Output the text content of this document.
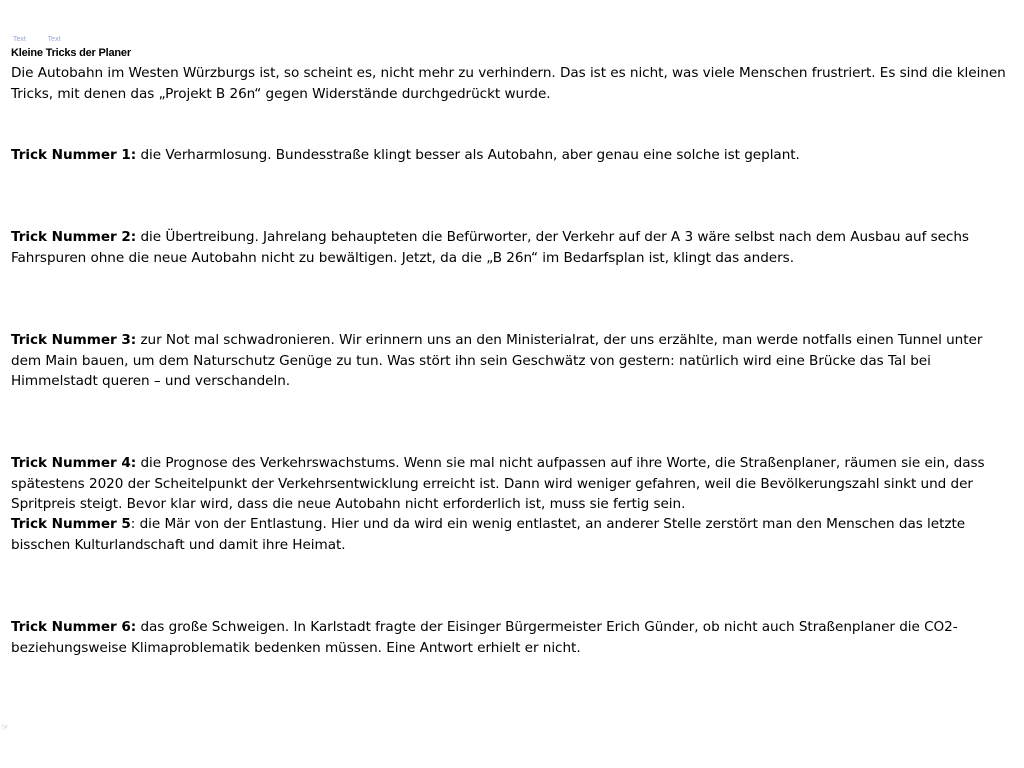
Text	Text
Kleine Tricks der Planer

Die Autobahn im Westen Würzburgs ist, so scheint es, nicht mehr zu verhindern. Das ist es nicht, was viele Menschen frustriert. Es sind die kleinen Tricks, mit denen das „Projekt B 26n“ gegen Widerstände durchgedrückt wurde.

Trick Nummer 1: die Verharmlosung. Bundesstraße klingt besser als Autobahn, aber genau eine solche ist geplant.

Trick Nummer 2: die Übertreibung. Jahrelang behaupteten die Befürworter, der Verkehr auf der A 3 wäre selbst nach dem Ausbau auf sechs Fahrspuren ohne die neue Autobahn nicht zu bewältigen. Jetzt, da die „B 26n“ im Bedarfsplan ist, klingt das anders.

Trick Nummer 3: zur Not mal schwadronieren. Wir erinnern uns an den Ministerialrat, der uns erzählte, man werde notfalls einen Tunnel unter dem Main bauen, um dem Naturschutz Genüge zu tun. Was stört ihn sein Geschwätz von gestern: natürlich wird eine Brücke das Tal bei Himmelstadt queren – und verschandeln.

Trick Nummer 4: die Prognose des Verkehrswachstums. Wenn sie mal nicht aufpassen auf ihre Worte, die Straßenplaner, räumen sie ein, dass spätestens 2020 der Scheitelpunkt der Verkehrsentwicklung erreicht ist. Dann wird weniger gefahren, weil die Bevölkerungszahl sinkt und der Spritpreis steigt. Bevor klar wird, dass die neue Autobahn nicht erforderlich ist, muss sie fertig sein.

Trick Nummer 5: die Mär von der Entlastung. Hier und da wird ein wenig entlastet, an anderer Stelle zerstört man den Menschen das letzte bisschen Kulturlandschaft und damit ihre Heimat.

Trick Nummer 6: das große Schweigen. In Karlstadt fragte der Eisinger Bürgermeister Erich Günder, ob nicht auch Straßenplaner die CO2-beziehungsweise Klimaproblematik bedenken müssen. Eine Antwort erhielt er nicht.

☞
